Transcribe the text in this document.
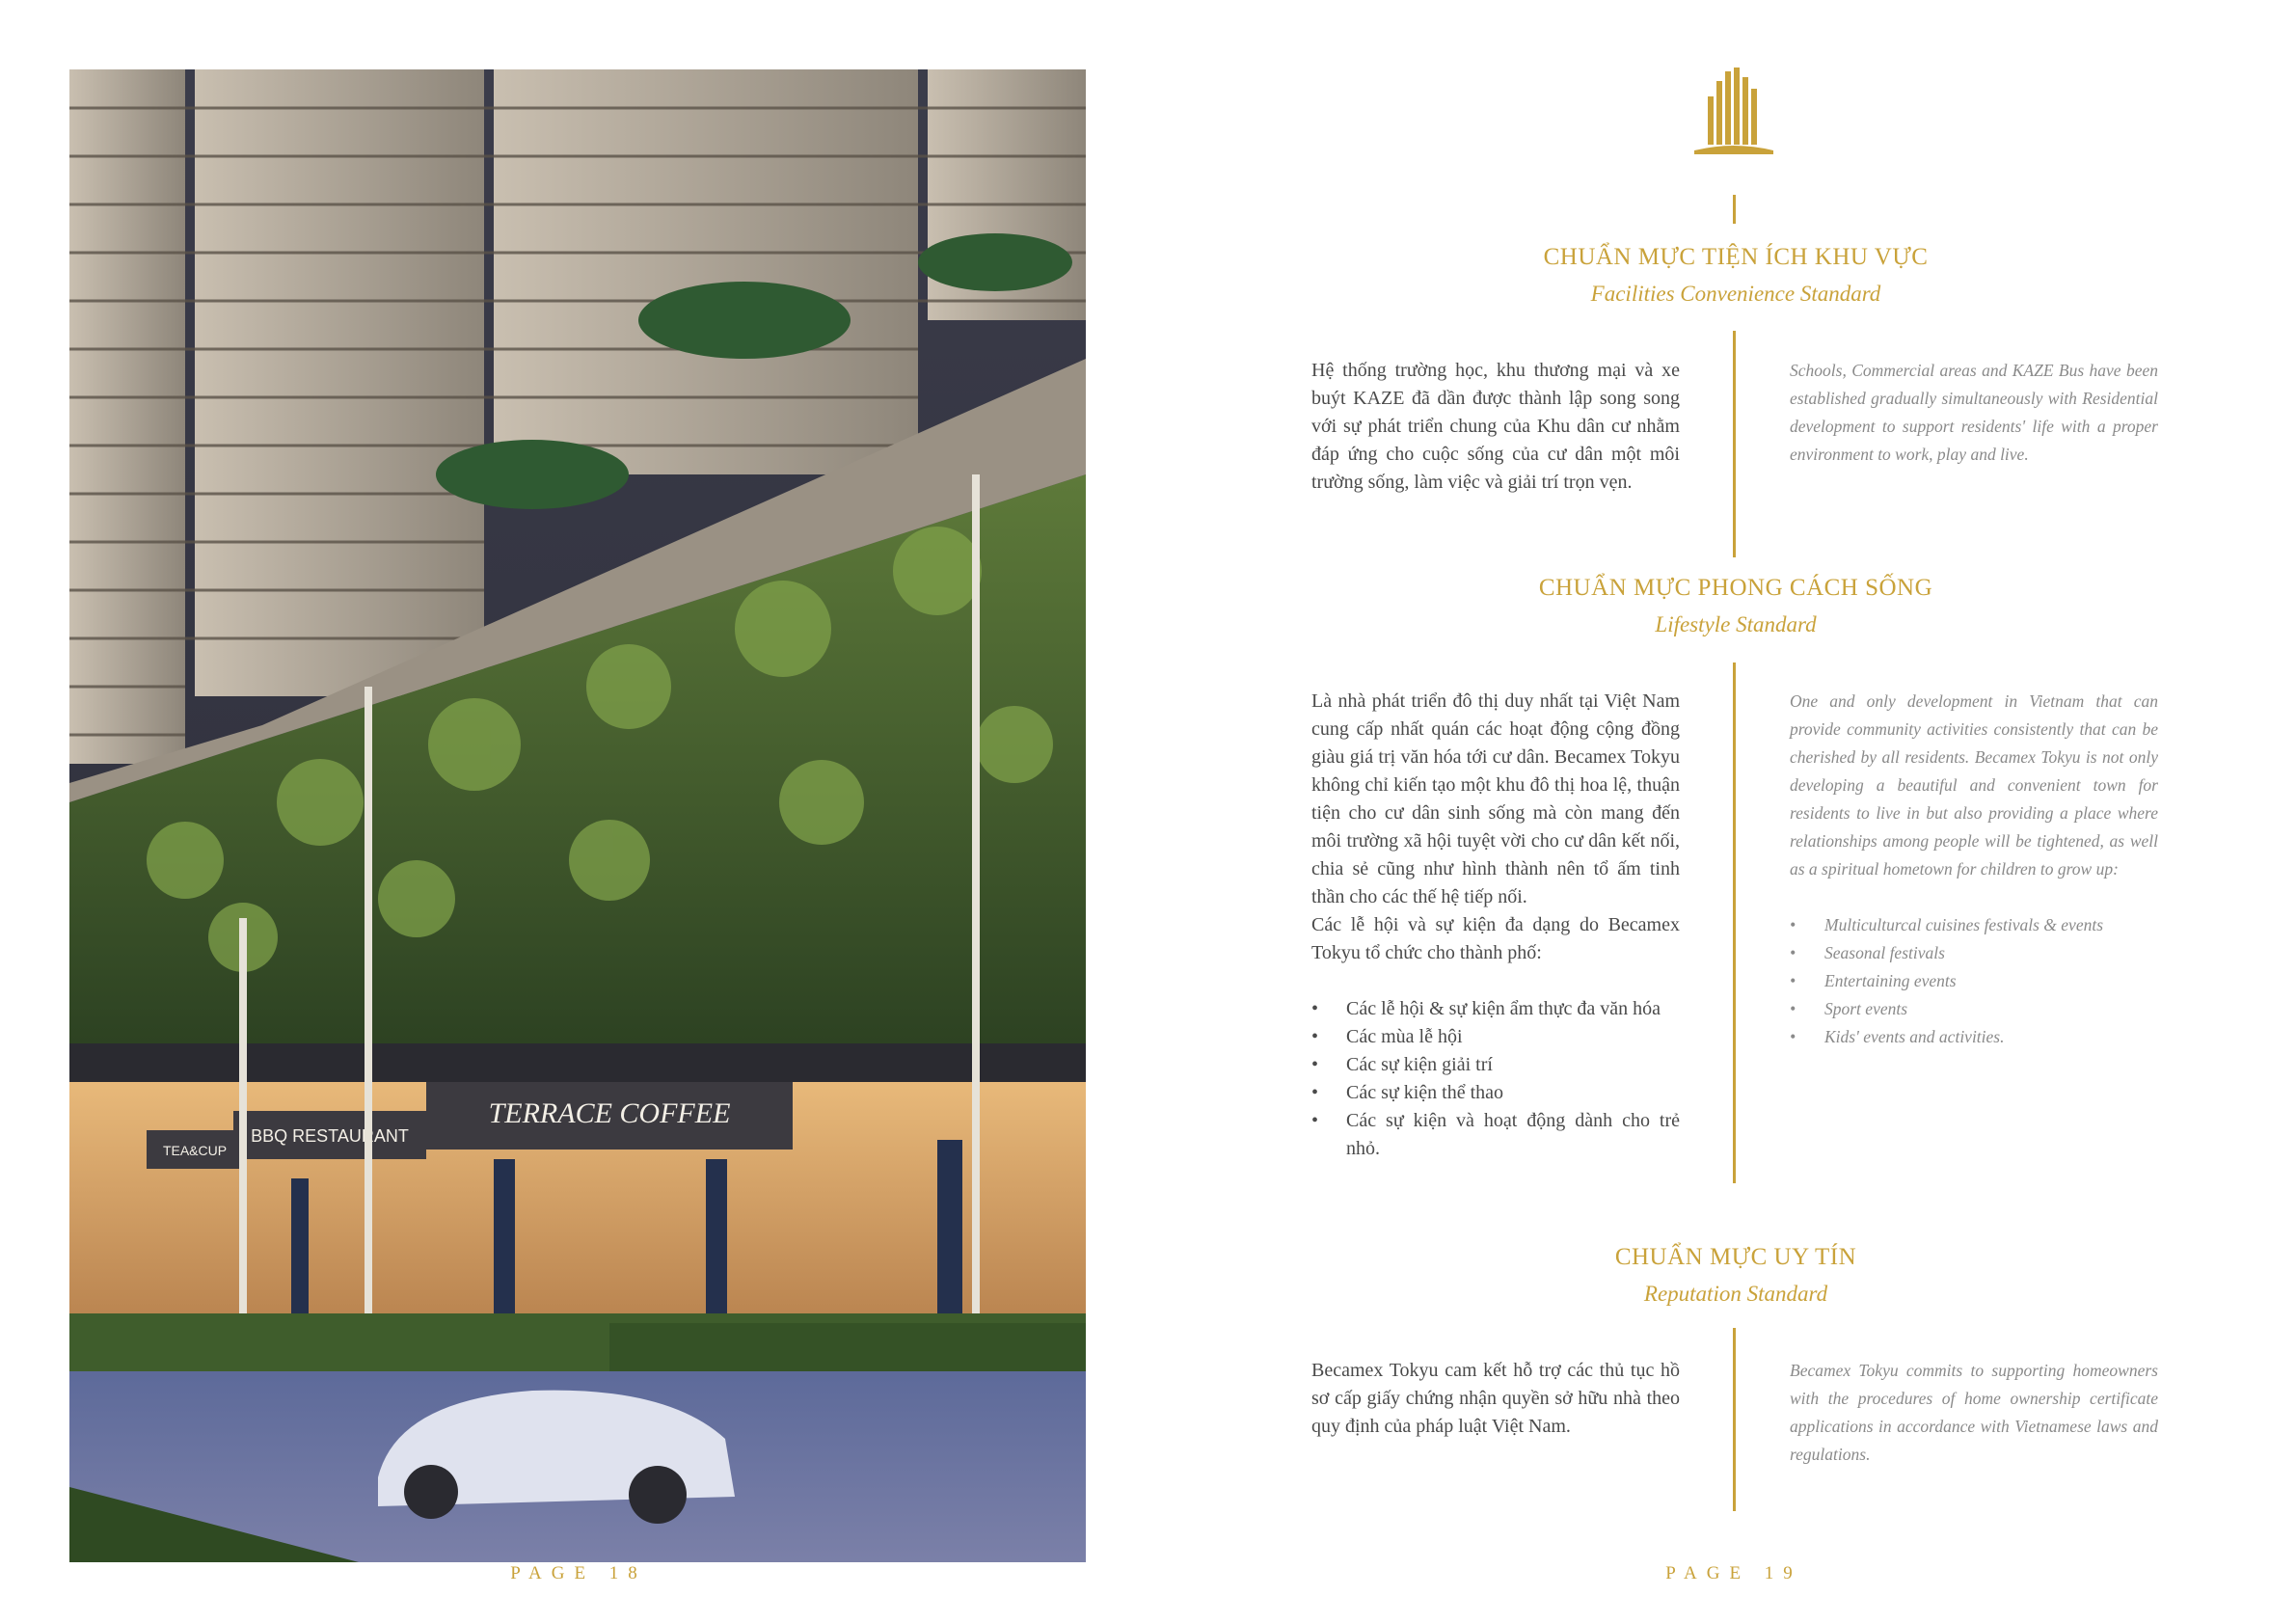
TERRACE COFFEE
BBQ RESTAURANT
TEA&CUP
PAGE 18
CHUẨN MỰC TIỆN ÍCH KHU VỰC
Facilities Convenience Standard

Hệ thống trường học, khu thương mại và xe buýt KAZE đã dần được thành lập song song với sự phát triển chung của Khu dân cư nhằm đáp ứng cho cuộc sống của cư dân một môi trường sống, làm việc và giải trí trọn vẹn.

Schools, Commercial areas and KAZE Bus have been established gradually simultaneously with Residential development to support residents' life with a proper environment to work, play and live.

CHUẨN MỰC PHONG CÁCH SỐNG
Lifestyle Standard

Là nhà phát triển đô thị duy nhất tại Việt Nam cung cấp nhất quán các hoạt động cộng đồng giàu giá trị văn hóa tới cư dân. Becamex Tokyu không chỉ kiến tạo một khu đô thị hoa lệ, thuận tiện cho cư dân sinh sống mà còn mang đến môi trường xã hội tuyệt vời cho cư dân kết nối, chia sẻ cũng như hình thành nên tổ ấm tinh thần cho các thế hệ tiếp nối.

Các lễ hội và sự kiện đa dạng do Becamex Tokyu tổ chức cho thành phố:

• Các lễ hội & sự kiện ẩm thực đa văn hóa
• Các mùa lễ hội
• Các sự kiện giải trí
• Các sự kiện thể thao
• Các sự kiện và hoạt động dành cho trẻ nhỏ.

One and only development in Vietnam that can provide community activities consistently that can be cherished by all residents. Becamex Tokyu is not only developing a beautiful and convenient town for residents to live in but also providing a place where relationships among people will be tightened, as well as a spiritual hometown for children to grow up:

• Multiculturcal cuisines festivals & events
• Seasonal festivals
• Entertaining events
• Sport events
• Kids' events and activities.
CHUẨN MỰC UY TÍN
Reputation Standard

Becamex Tokyu cam kết hỗ trợ các thủ tục hồ sơ cấp giấy chứng nhận quyền sở hữu nhà theo quy định của pháp luật Việt Nam.

Becamex Tokyu commits to supporting homeowners with the procedures of home ownership certificate applications in accordance with Vietnamese laws and regulations.

PAGE 19
